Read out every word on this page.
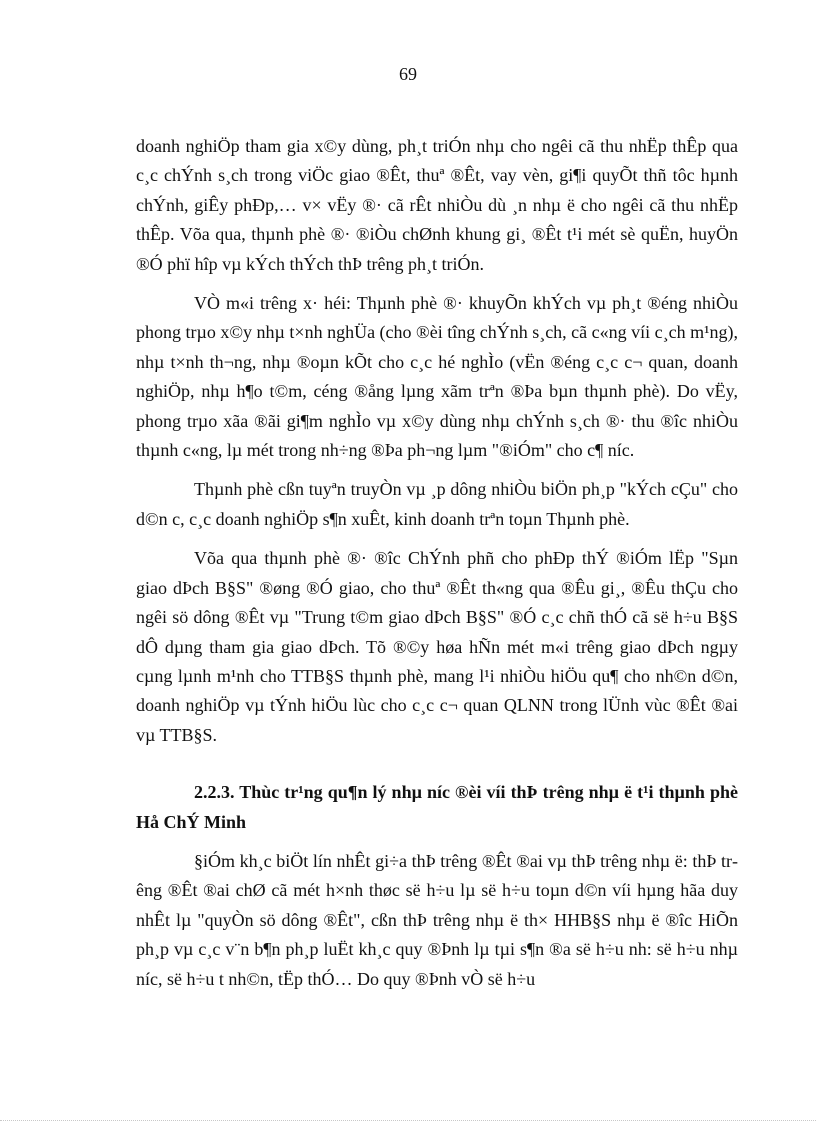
69

doanh nghiÖp tham gia x©y dùng, ph¸t triÓn nhµ cho ngêi cã thu nhËp thÊp qua c¸c chÝnh s¸ch trong viÖc giao ®Êt, thuª ®Êt, vay vèn, gi¶i quyÕt thñ tôc hµnh chÝnh, giÊy phÐp,… v× vËy ®· cã rÊt nhiÒu dù ¸n nhµ ë cho ngêi cã thu nhËp thÊp. Võa qua, thµnh phè ®· ®iÒu chØnh khung gi¸ ®Êt t¹i mét sè quËn, huyÖn ®Ó phï hîp vµ kÝch thÝch thÞ trêng ph¸t triÓn.

VÒ m«i trêng x· héi: Thµnh phè ®· khuyÕn khÝch vµ ph¸t ®éng nhiÒu phong trµo x©y nhµ t×nh nghÜa (cho ®èi tîng chÝnh s¸ch, cã c«ng víi c¸ch m¹ng), nhµ t×nh th¬ng, nhµ ®oµn kÕt cho c¸c hé nghÌo (vËn ®éng c¸c c¬ quan, doanh nghiÖp, nhµ h¶o t©m, céng ®ång lµng xãm trªn ®Þa bµn thµnh phè). Do vËy, phong trµo xãa ®ãi gi¶m nghÌo vµ x©y dùng nhµ chÝnh s¸ch ®· thu ®îc nhiÒu thµnh c«ng, lµ mét trong nh÷ng ®Þa ph¬ng lµm "®iÓm" cho c¶ níc.

Thµnh phè cßn tuyªn truyÒn vµ ¸p dông nhiÒu biÖn ph¸p "kÝch cÇu" cho d©n c, c¸c doanh nghiÖp s¶n xuÊt, kinh doanh trªn toµn Thµnh phè.

Võa qua thµnh phè ®· ®îc ChÝnh phñ cho phÐp thÝ ®iÓm lËp "Sµn giao dÞch B§S" ®øng ®Ó giao, cho thuª ®Êt th«ng qua ®Êu gi¸, ®Êu thÇu cho ngêi sö dông ®Êt vµ "Trung t©m giao dÞch B§S" ®Ó c¸c chñ thÓ cã së h÷u B§S dÔ dµng tham gia giao dÞch. Tõ ®©y høa hÑn mét m«i trêng giao dÞch ngµy cµng lµnh m¹nh cho TTB§S thµnh phè, mang l¹i nhiÒu hiÖu qu¶ cho nh©n d©n, doanh nghiÖp vµ tÝnh hiÖu lùc cho c¸c c¬ quan QLNN trong lÜnh vùc ®Êt ®ai vµ TTB§S.

2.2.3. Thùc tr¹ng qu¶n lý nhµ níc ®èi víi thÞ trêng nhµ ë t¹i thµnh phè Hå ChÝ Minh

§iÓm kh¸c biÖt lín nhÊt gi÷a thÞ trêng ®Êt ®ai vµ thÞ trêng nhµ ë: thÞ trêng ®Êt ®ai chØ cã mét h×nh thøc së h÷u lµ së h÷u toµn d©n víi hµng hãa duy nhÊt lµ "quyÒn sö dông ®Êt", cßn thÞ trêng nhµ ë th× HHB§S nhµ ë ®îc HiÕn ph¸p vµ c¸c v¨n b¶n ph¸p luËt kh¸c quy ®Þnh lµ tµi s¶n ®a së h÷u nh: së h÷u nhµ níc, së h÷u t nh©n, tËp thÓ… Do quy ®Þnh vÒ së h÷u
